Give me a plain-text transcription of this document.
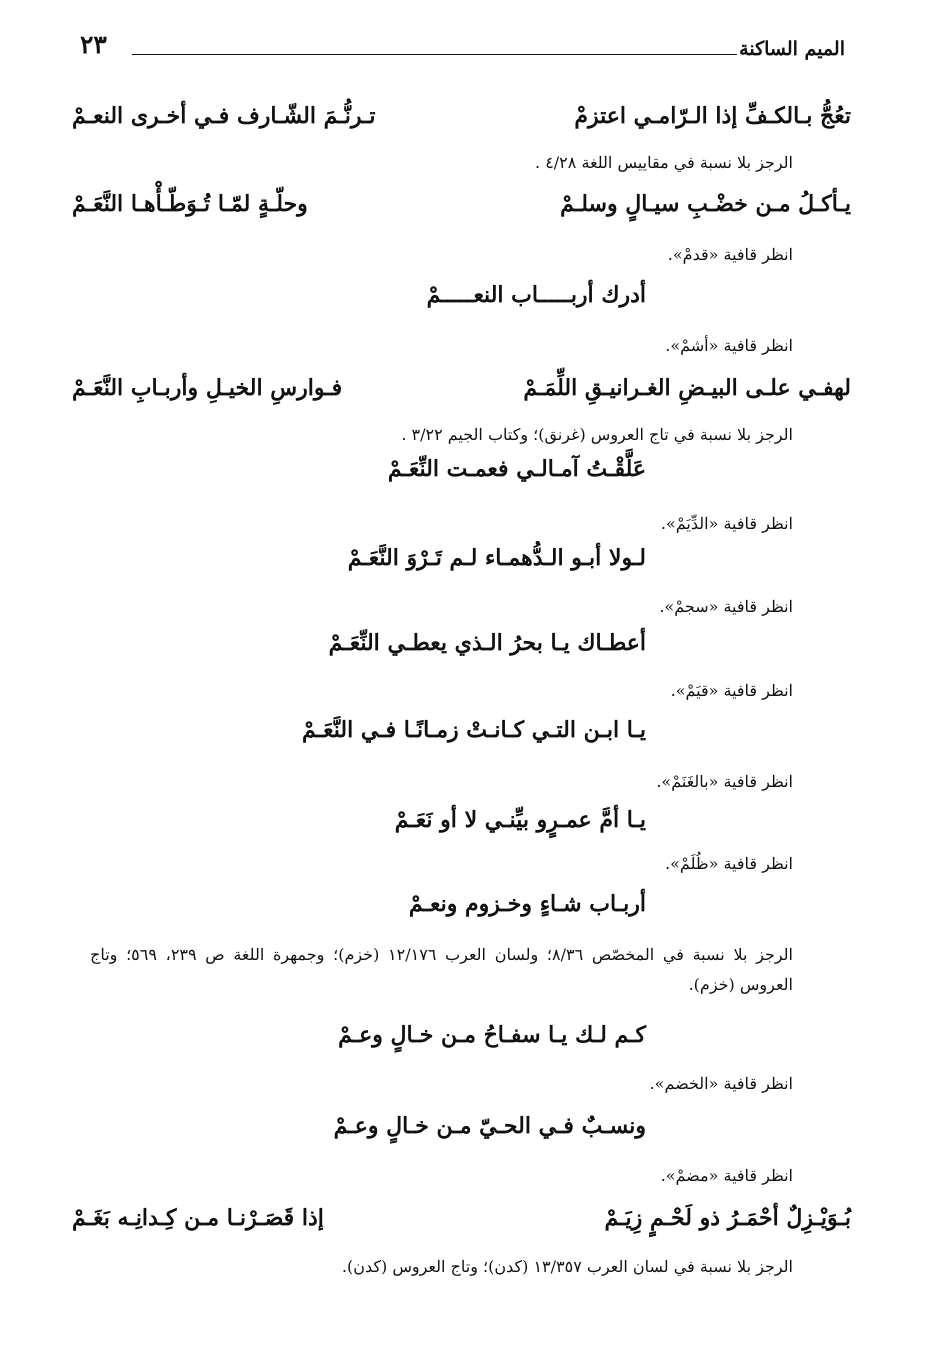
الميم الساكنة
٢٣
تعُجُّ بـالكـفِّ إذا الـرّامـي اعتزمْ
تـرنُّـمَ الشّـارف فـي أخـرى النعـمْ
الرجز بلا نسبة في مقاييس اللغة ٤/٢٨ .
يـأكـلُ مـن خضْـبِ سيـالٍ وسلـمْ
وحلّـةٍ لمّـا تُـوَطّـأْهـا النَّعَـمْ
انظر قافية «قدمْ».
أدرك أربـــــاب النعـــــمْ
انظر قافية «أشمْ».
لهفـي علـى البيـضِ الغـرانيـقِ اللِّمَـمْ
فـوارسِ الخيـلِ وأربـابِ النَّعَـمْ
الرجز بلا نسبة في تاج العروس (غرنق)؛ وكتاب الجيم ٣/٢٢ .
عَلَّقْـتُ آمـالـي فعمـت النِّعَـمْ
انظر قافية «الدِّيَمْ».
لـولا أبـو الـدُّهمـاء لـم تَـرْوَ النَّعَـمْ
انظر قافية «سجمْ».
أعطـاك يـا بحرُ الـذي يعطـي النِّعَـمْ
انظر قافية «قيَمْ».
يـا ابـن التـي كـانـتْ زمـانًـا فـي النَّعَـمْ
انظر قافية «بالغَنَمْ».
يـا أمَّ عمـرٍو بيِّنـي لا أو نَعَـمْ
انظر قافية «ظُلَمْ».
أربـاب شـاءٍ وخـزوم ونعـمْ
الرجز بلا نسبة في المخصّص ٨/٣٦؛ ولسان العرب ١٢/١٧٦ (خزم)؛ وجمهرة اللغة ص ٢٣٩، ٥٦٩؛ وتاج العروس (خزم).
كـم لـك يـا سفـاحُ مـن خـالٍ وعـمْ
انظر قافية «الخضم».
ونسـبٌ فـي الحـيّ مـن خـالٍ وعـمْ
انظر قافية «مضمْ».
بُـوَيْـزِلٌ أحْمَـرُ ذو لَحْـمٍ زِيَـمْ
إذا قَصَـرْنـا مـن كِـدانِـه بَغَـمْ
الرجز بلا نسبة في لسان العرب ١٣/٣٥٧ (كدن)؛ وتاج العروس (كدن).
